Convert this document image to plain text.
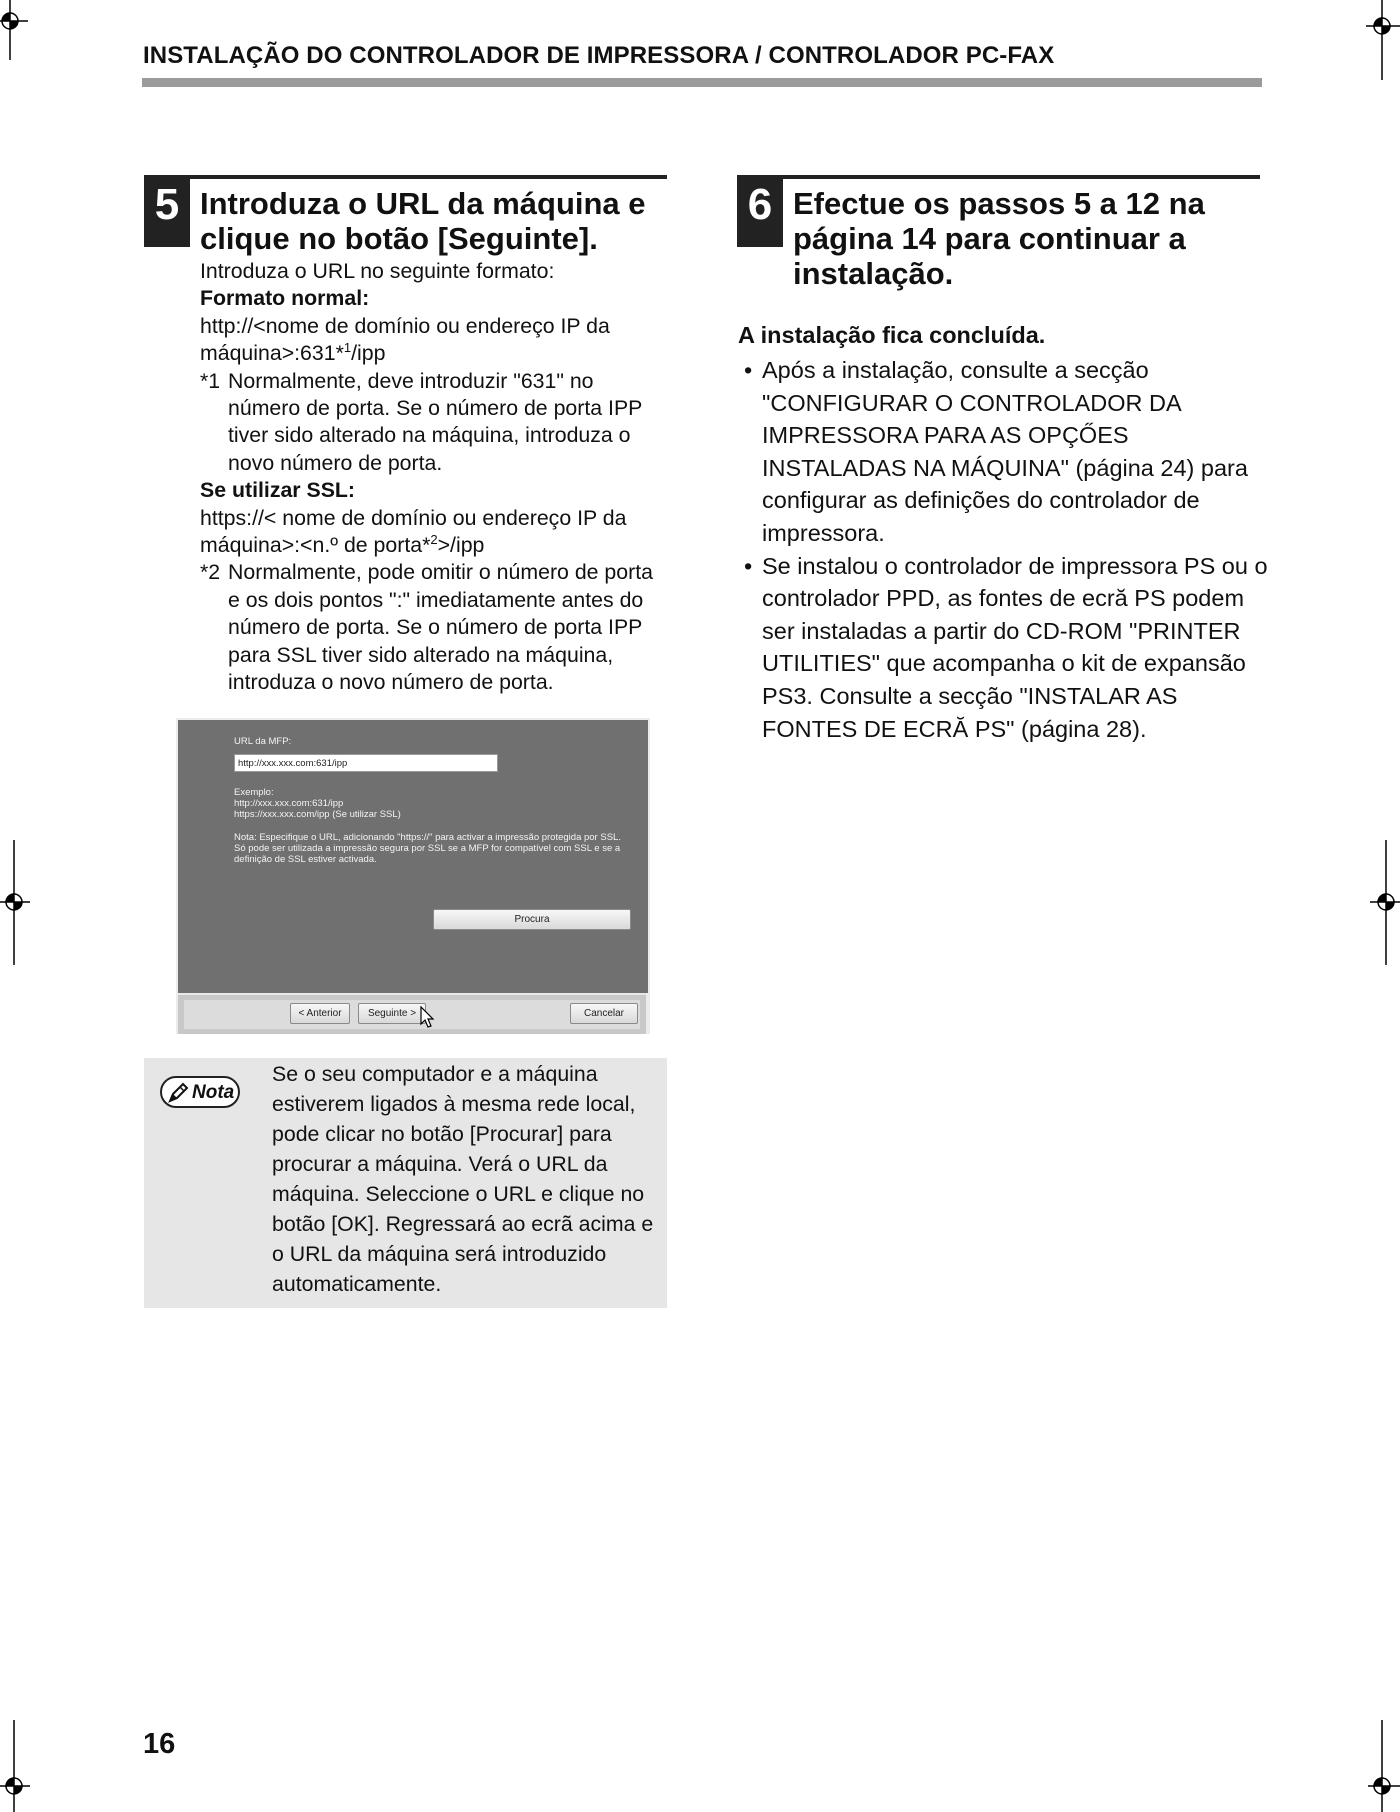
INSTALAÇÃO DO CONTROLADOR DE IMPRESSORA / CONTROLADOR PC-FAX
5 Introduza o URL da máquina e
clique no botão [Seguinte].

Introduza o URL no seguinte formato:

Formato normal:

http://<nome de domínio ou endereço IP da

máquina>:631*$^1$/ipp

*1 Normalmente, deve introduzir "631" no número de porta. Se o número de porta IPP tiver sido alterado na máquina, introduza o novo número de porta.

Se utilizar SSL:

https://< nome de domínio ou endereço IP da

máquina>:<n.º de porta*$^2$>/ipp

*2 Normalmente, pode omitir o número de porta e os dois pontos ":" imediatamente antes do número de porta. Se o número de porta IPP para SSL tiver sido alterado na máquina, introduza o novo número de porta.
URL da MFP:
http://xxx.xxx.com:631/ipp
Exemplo:
http://xxx.xxx.com:631/ipp
https://xxx.xxx.com/ipp (Se utilizar SSL)
Nota: Especifique o URL, adicionando "https://" para activar a impressão protegida por SSL.
Só pode ser utilizada a impressão segura por SSL se a MFP for compatível com SSL e se a
definição de SSL estiver activada.
Procura
< Anterior	Seguinte >	Cancelar
Nota
Se o seu computador e a máquina estiverem ligados à mesma rede local, pode clicar no botão [Procurar] para procurar a máquina. Verá o URL da máquina. Seleccione o URL e clique no botão [OK]. Regressará ao ecrã acima e o URL da máquina será introduzido automaticamente.
6 Efectue os passos 5 a 12 na
página 14 para continuar a
instalação.
A instalação fica concluída.
• Após a instalação, consulte a secção "CONFIGURAR O CONTROLADOR DA IMPRESSORA PARA AS OPÇŐES INSTALADAS NA MÁQUINA" (página 24) para configurar as definições do controlador de impressora.
• Se instalou o controlador de impressora PS ou o controlador PPD, as fontes de ecră PS podem ser instaladas a partir do CD-ROM "PRINTER UTILITIES" que acompanha o kit de expansão PS3. Consulte a secção "INSTALAR AS FONTES DE ECRĂ PS" (página 28).
16
